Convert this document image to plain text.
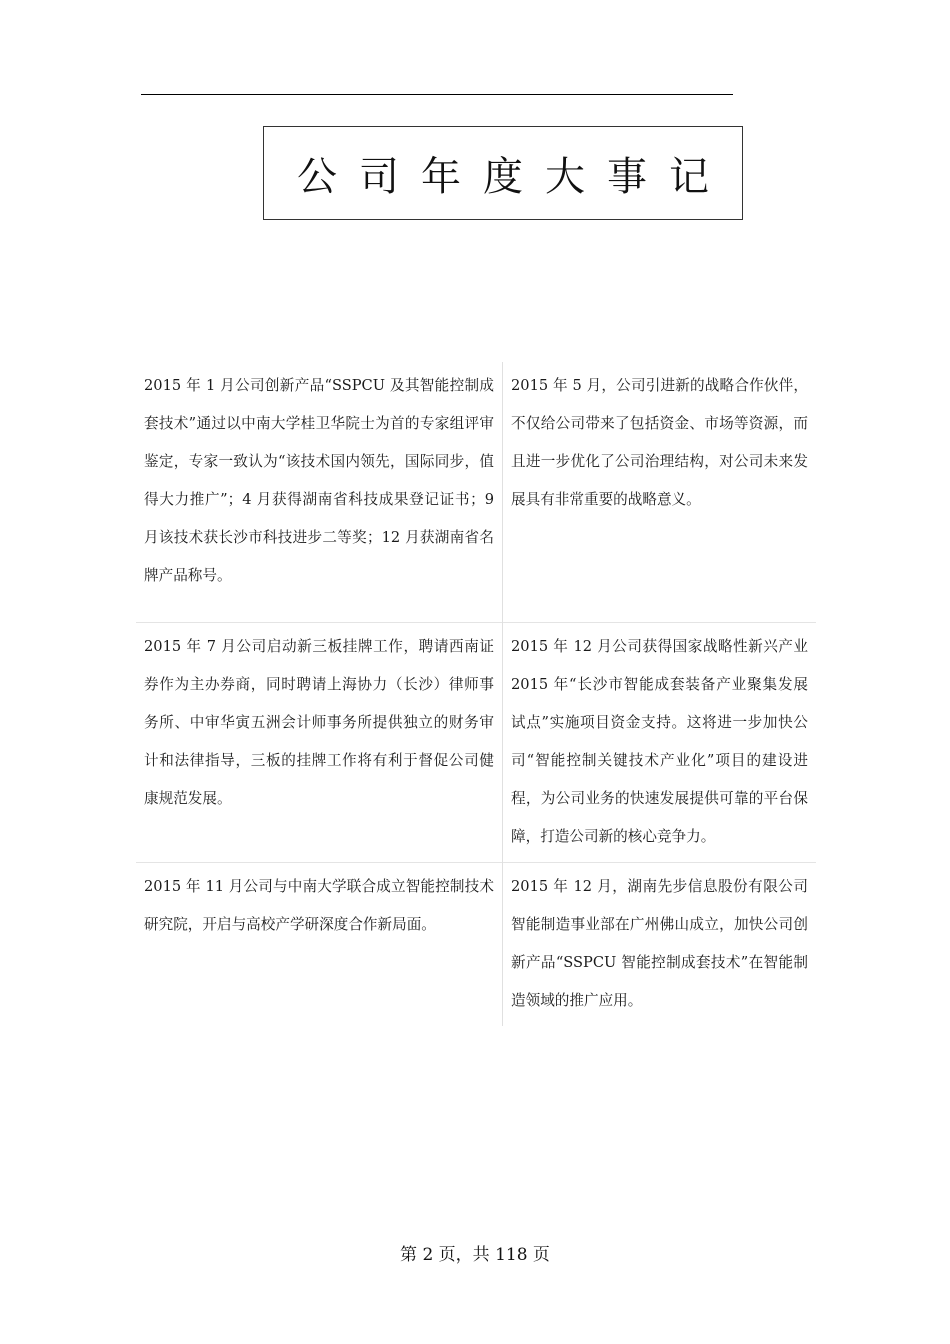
公司年度大事记
2015 年 1 月公司创新产品“SSPCU 及其智能控制成套技术”通过以中南大学桂卫华院士为首的专家组评审鉴定，专家一致认为“该技术国内领先，国际同步，值得大力推广”；4 月获得湖南省科技成果登记证书；9 月该技术获长沙市科技进步二等奖；12 月获湖南省名牌产品称号。	2015 年 5 月，公司引进新的战略合作伙伴，不仅给公司带来了包括资金、市场等资源，而且进一步优化了公司治理结构，对公司未来发展具有非常重要的战略意义。
2015 年 7 月公司启动新三板挂牌工作，聘请西南证券作为主办券商，同时聘请上海协力（长沙）律师事务所、中审华寅五洲会计师事务所提供独立的财务审计和法律指导，三板的挂牌工作将有利于督促公司健康规范发展。	2015 年 12 月公司获得国家战略性新兴产业 2015 年“长沙市智能成套装备产业聚集发展试点”实施项目资金支持。这将进一步加快公司“智能控制关键技术产业化”项目的建设进程，为公司业务的快速发展提供可靠的平台保障，打造公司新的核心竞争力。
2015 年 11 月公司与中南大学联合成立智能控制技术研究院，开启与高校产学研深度合作新局面。	2015 年 12 月，湖南先步信息股份有限公司智能制造事业部在广州佛山成立，加快公司创新产品“SSPCU 智能控制成套技术”在智能制造领域的推广应用。
第 2 页，共 118 页
